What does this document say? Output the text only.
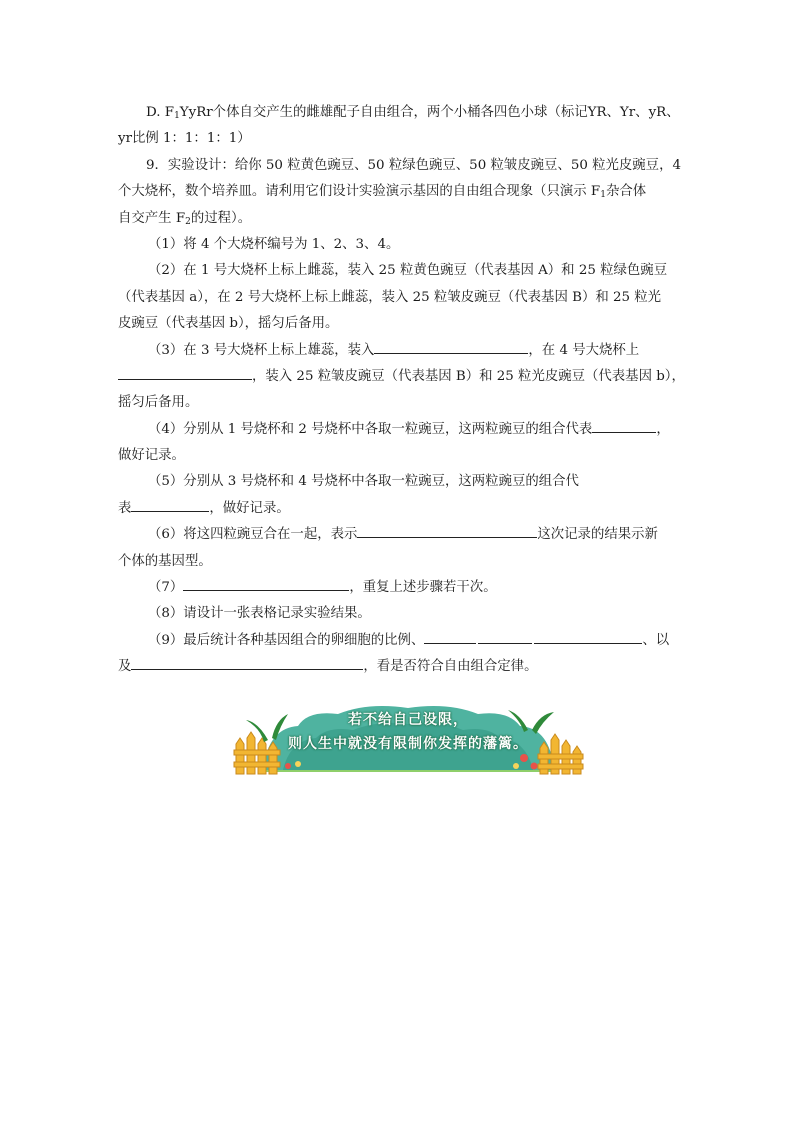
D. $F_1YyRr$个体自交产生的雌雄配子自由组合，两个小桶各四色小球（标记YR、Yr、yR、
yr比例 1：1：1：1）
9．实验设计：给你 50 粒黄色豌豆、50 粒绿色豌豆、50 粒皱皮豌豆、50 粒光皮豌豆，4
个大烧杯，数个培养皿。请利用它们设计实验演示基因的自由组合现象（只演示 $F_1$杂合体
自交产生 $F_2$的过程）。
（1）将 4 个大烧杯编号为 1、2、3、4。
（2）在 1 号大烧杯上标上雌蕊，装入 25 粒黄色豌豆（代表基因 A）和 25 粒绿色豌豆
（代表基因 a），在 2 号大烧杯上标上雌蕊，装入 25 粒皱皮豌豆（代表基因 B）和 25 粒光
皮豌豆（代表基因 b），摇匀后备用。
（3）在 3 号大烧杯上标上雄蕊，装入	，在 4 号大烧杯上
，装入 25 粒皱皮豌豆（代表基因 B）和 25 粒光皮豌豆（代表基因 b），
摇匀后备用。
（4）分别从 1 号烧杯和 2 号烧杯中各取一粒豌豆，这两粒豌豆的组合代表	，
做好记录。
（5）分别从 3 号烧杯和 4 号烧杯中各取一粒豌豆，这两粒豌豆的组合代
表	，做好记录。
（6）将这四粒豌豆合在一起，表示	这次记录的结果示新
个体的基因型。
（7）	，重复上述步骤若干次。
（8）请设计一张表格记录实验结果。
（9）最后统计各种基因组合的卵细胞的比例、	、以
及	，看是否符合自由组合定律。
若不给自己设限，
则人生中就没有限制你发挥的藩篱。
